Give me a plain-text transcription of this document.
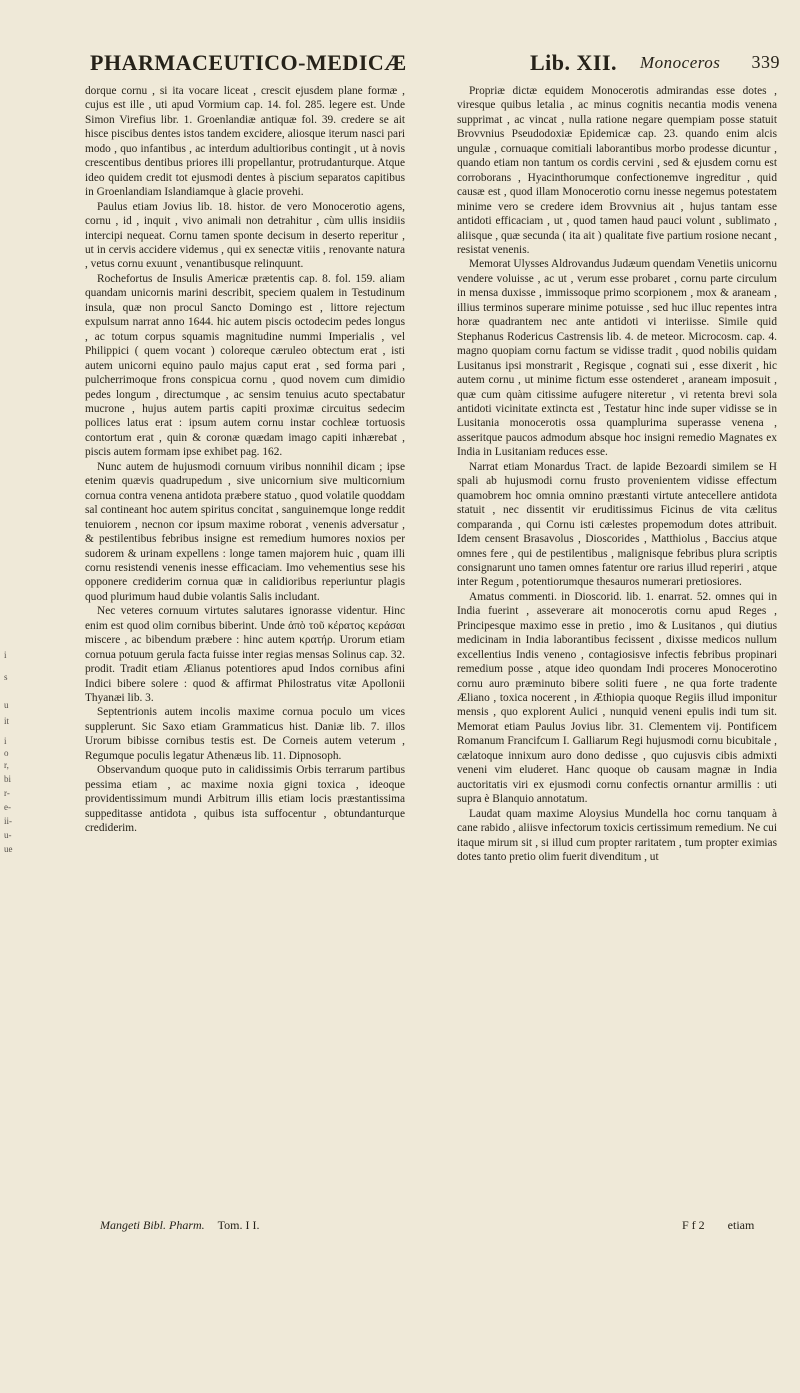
PHARMACEUTICO-MEDICÆ	Lib. XII. Monoceros 339

dorque cornu , si ita vocare liceat , crescit ejusdem plane formæ , cujus est ille , uti apud Vormium cap. 14. fol. 285. legere est. Unde Simon Virefius libr. 1. Groenlandiæ antiquæ fol. 39. credere se ait hisce piscibus dentes istos tandem excidere, aliosque iterum nasci pari modo , quo infantibus , ac interdum adultioribus contingit , ut à novis crescentibus dentibus priores illi propellantur, protrudanturque. Atque ideo quidem credit tot ejusmodi dentes à piscium separatos capitibus in Groenlandiam Islandiamque à glacie provehi.

Paulus etiam Jovius lib. 18. histor. de vero Monocerotio agens, cornu , id , inquit , vivo animali non detrahitur , cùm ullis insidiis intercipi nequeat. Cornu tamen sponte decisum in deserto reperitur , ut in cervis accidere videmus , qui ex senectæ vitiis , renovante natura , vetus cornu exuunt , venantibusque relinquunt.

Rochefortus de Insulis Americæ prætentis cap. 8. fol. 159. aliam quandam unicornis marini describit, speciem qualem in Testudinum insula, quæ non procul Sancto Domingo est , littore rejectum expulsum narrat anno 1644. hic autem piscis octodecim pedes longus , ac totum corpus squamis magnitudine nummi Imperialis , vel Philippici ( quem vocant ) coloreque cæruleo obtectum erat , isti autem unicorni equino paulo majus caput erat , sed forma pari , pulcherrimoque frons conspicua cornu , quod novem cum dimidio pedes longum , directumque , ac sensim tenuius acuto spectabatur mucrone , hujus autem partis capiti proximæ circuitus sedecim pollices latus erat : ipsum autem cornu instar cochleæ tortuosis contortum erat , quin & coronæ quædam imago capiti inhærebat , piscis autem formam ipse exhibet pag. 162.

Nunc autem de hujusmodi cornuum viribus nonnihil dicam ; ipse etenim quævis quadrupedum , sive unicornium sive multicornium cornua contra venena antidota præbere statuo , quod volatile quoddam sal contineant hoc autem spiritus concitat , sanguinemque longe reddit tenuiorem , necnon cor ipsum maxime roborat , venenis adversatur , & pestilentibus febribus insigne est remedium humores noxios per sudorem & urinam expellens : longe tamen majorem huic , quam illi cornu resistendi venenis inesse efficaciam. Imo vehementius sese his opponere crediderim cornua quæ in calidioribus reperiuntur plagis quod plurimum haud dubie volantis Salis includant.

Nec veteres cornuum virtutes salutares ignorasse videntur. Hinc enim est quod olim cornibus biberint. Unde ἀπὸ τοῦ κέρατος κεράσαι miscere , ac bibendum præbere : hinc autem κρατήρ. Urorum etiam cornua potuum gerula facta fuisse inter regias mensas Solinus cap. 32. prodit. Tradit etiam Ælianus potentiores apud Indos cornibus afini Indici bibere solere : quod & affirmat Philostratus vitæ Apollonii Thyanæi lib. 3.

Septentrionis autem incolis maxime cornua poculo um vices supplerunt. Sic Saxo etiam Grammaticus hist. Daniæ lib. 7. illos Urorum bibisse cornibus testis est. De Corneis autem veterum , Regumque poculis legatur Athenæus lib. 11. Dipnosoph.

Observandum quoque puto in calidissimis Orbis terrarum partibus pessima etiam , ac maxime noxia gigni toxica , ideoque providentissimum mundi Arbitrum illis etiam locis præstantissima suppeditasse antidota , quibus ista suffocentur , obtundanturque crediderim.

Propriæ dictæ equidem Monocerotis admirandas esse dotes , viresque quibus letalia , ac minus cognitis necantia modis venena supprimat , ac vincat , nulla ratione negare quempiam posse statuit Brovvnius Pseudodoxiæ Epidemicæ cap. 23. quando enim alcis ungulæ , cornuaque comitiali laborantibus morbo prodesse dicuntur , quando etiam non tantum os cordis cervini , sed & ejusdem cornu est corroborans , Hyacinthorumque confectionemve ingreditur , quid causæ est , quod illam Monocerotio cornu inesse negemus potestatem minime vero se credere idem Brovvnius ait , hujus tantam esse antidoti efficaciam , ut , quod tamen haud pauci volunt , sublimato , aliisque , quæ secunda ( ita ait ) qualitate five partium rosione necant , resistat venenis.

Memorat Ulysses Aldrovandus Judæum quendam Venetiis unicornu vendere voluisse , ac ut , verum esse probaret , cornu parte circulum in mensa duxisse , immissoque primo scorpionem , mox & araneam , illius terminos superare minime potuisse , sed huc illuc repentes intra horæ quadrantem nec ante antidoti vi interiisse. Simile quid Stephanus Rodericus Castrensis lib. 4. de meteor. Microcosm. cap. 4. magno quopiam cornu factum se vidisse tradit , quod nobilis quidam Lusitanus ipsi monstrarit , Regisque , cognati sui , esse dixerit , hic autem cornu , ut minime fictum esse ostenderet , araneam imposuit , quæ cum quàm citissime aufugere niteretur , vi retenta brevi sola antidoti vicinitate extincta est , Testatur hinc inde super vidisse se in Lusitania monocerotis ossa quamplurima superasse venena , asseritque paucos admodum absque hoc insigni remedio Magnates ex India in Lusitaniam reduces esse.

Narrat etiam Monardus Tract. de lapide Bezoardi similem se H spali ab hujusmodi cornu frusto provenientem vidisse effectum quamobrem hoc omnia omnino præstanti virtute antecellere antidota statuit , nec dissentit vir eruditissimus Ficinus de vita cælitus comparanda , qui Cornu isti cælestes propemodum dotes attribuit. Idem censent Brasavolus , Dioscorides , Matthiolus , Baccius atque omnes fere , qui de pestilentibus , malignisque febribus plura scriptis consignarunt uno tamen omnes fatentur ore rarius illud reperiri , atque inter Regum , potentiorumque thesauros numerari pretiosiores.

Amatus commenti. in Dioscorid. lib. 1. enarrat. 52. omnes qui in India fuerint , asseverare ait monocerotis cornu apud Reges , Principesque maximo esse in pretio , imo & Lusitanos , qui diutius medicinam in India laborantibus fecissent , dixisse medicos nullum excellentius Indis veneno , contagiosisve infectis febribus propinari remedium posse , atque ideo quondam Indi proceres Monocerotino cornu auro præminuto bibere soliti fuere , ne qua forte tradente Æliano , toxica nocerent , in Æthiopia quoque Regiis illud imponitur mensis , quo explorent Aulici , nunquid veneni epulis indi tum sit. Memorat etiam Paulus Jovius libr. 31. Clementem vij. Pontificem Romanum Francifcum I. Galliarum Regi hujusmodi cornu bicubitale , cælatoque innixum auro dono dedisse , quo cujusvis cibis admixti veneni vim eluderet. Hanc quoque ob causam magnæ in India auctoritatis viri ex ejusmodi cornu confectis ornantur armillis : uti supra è Blanquio annotatum.

Laudat quam maxime Aloysius Mundella hoc cornu tanquam à cane rabido , aliisve infectorum toxicis certissimum remedium. Ne cui itaque mirum sit , si illud cum propter raritatem , tum propter eximias dotes tanto pretio olim fuerit divenditum , ut

Mangeti Bibl. Pharm. Tom. I I.	F f 2 etiam
i
s
u
it
i
o
r,
bi
r-
e-
ii-
u-
ue
